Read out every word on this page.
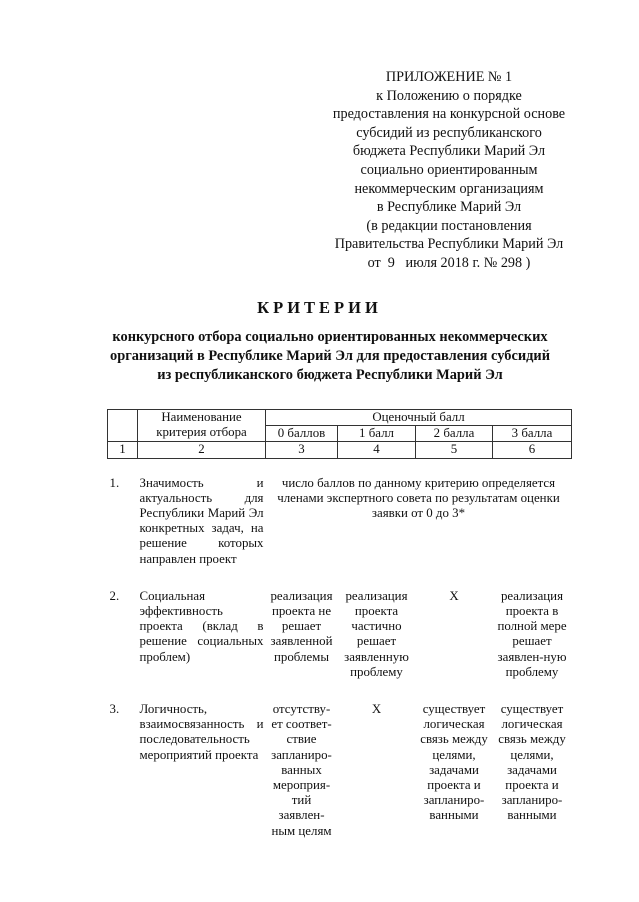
ПРИЛОЖЕНИЕ № 1
к Положению о порядке
предоставления на конкурсной основе
субсидий из республиканского
бюджета Республики Марий Эл
социально ориентированным
некоммерческим организациям
в Республике Марий Эл
(в редакции постановления
Правительства Республики Марий Эл
от  9   июля 2018 г. № 298 )
КРИТЕРИИ
конкурсного отбора социально ориентированных некоммерческих
организаций в Республике Марий Эл для предоставления субсидий
из республиканского бюджета Республики Марий Эл
	Наименование критерия отбора	Оценочный балл			
		0 баллов	1 балл	2 балла	3 балла
1	2	3	4	5	6

1.	Значимость и актуальность для Республики Марий Эл конкретных задач, на решение которых направлен проект	число баллов по данному критерию определяется членами экспертного совета по результатам оценки заявки от 0 до 3*			

2.	Социальная эффективность проекта (вклад в решение социальных проблем)	реализация проекта не решает заявленной проблемы	реализация проекта частично решает заявленную проблему	X	реализация проекта в полной мере решает заявлен-ную проблему

3.	Логичность, взаимосвязанность и последовательность мероприятий проекта	отсутству-ет соответ-ствие запланиро-ванных мероприя-тий заявлен-ным целям	X	существует логическая связь между целями, задачами проекта и запланиро-ванными	существует логическая связь между целями, задачами проекта и запланиро-ванными
